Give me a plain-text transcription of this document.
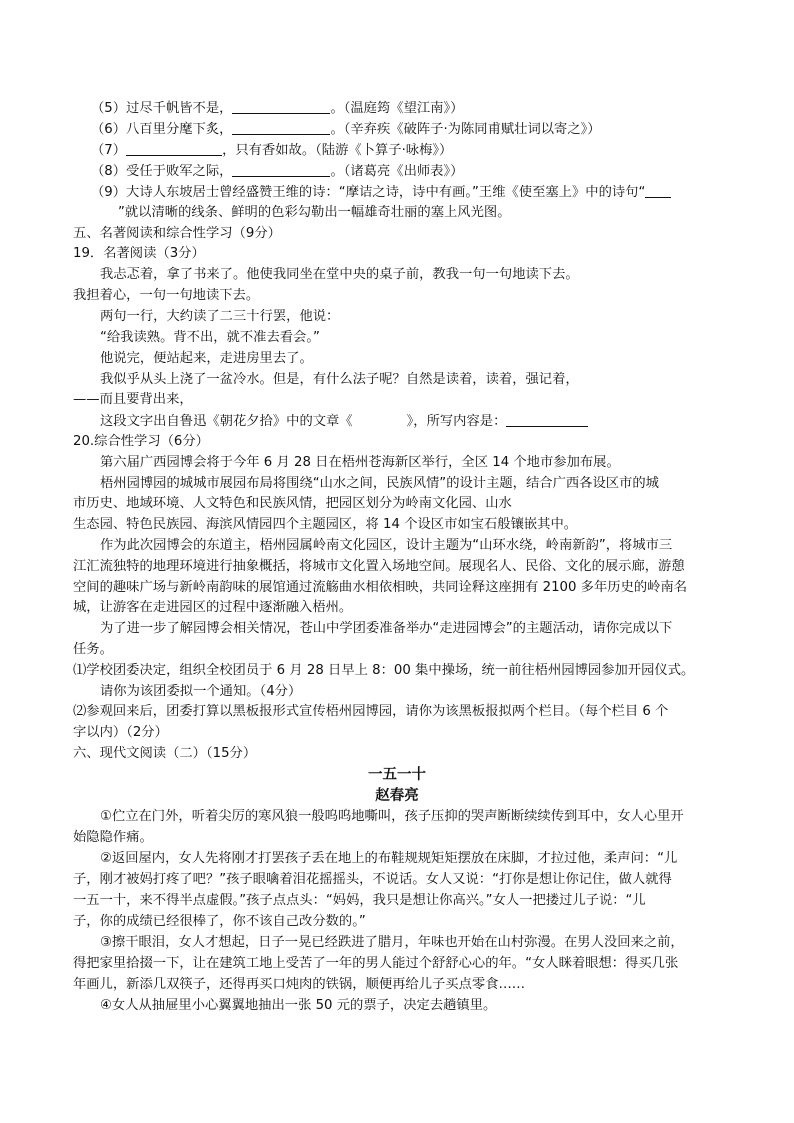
（5）过尽千帆皆不是，	。（温庭筠《望江南》）
（6）八百里分麾下炙，	。（辛弃疾《破阵子·为陈同甫赋壮词以寄之》）
（7）	，只有香如故。（陆游《卜算子·咏梅》）
（8）受任于败军之际，	。（诸葛亮《出师表》）
（9）大诗人东坡居士曾经盛赞王维的诗：“摩诘之诗，诗中有画。”王维《使至塞上》中的诗句“
”就以清晰的线条、鲜明的色彩勾勒出一幅雄奇壮丽的塞上风光图。
五、名著阅读和综合性学习（9分）
19．名著阅读（3分）
我忐忑着，拿了书来了。他使我同坐在堂中央的桌子前，教我一句一句地读下去。
我担着心，一句一句地读下去。
两句一行，大约读了二三十行罢，他说：
“给我读熟。背不出，就不准去看会。”
他说完，便站起来，走进房里去了。
我似乎从头上浇了一盆冷水。但是，有什么法子呢？自然是读着，读着，强记着，
——而且要背出来，
这段文字出自鲁迅《朝花夕拾》中的文章《	》，所写内容是：
20.综合性学习（6分）
第六届广西园博会将于今年 6 月 28 日在梧州苍海新区举行，全区 14 个地市参加布展。
梧州园博园的城城市展园布局将围绕“山水之间，民族风情”的设计主题，结合广西各设区市的城
市历史、地域环境、人文特色和民族风情，把园区划分为岭南文化园、山水
生态园、特色民族园、海滨风情园四个主题园区，将 14 个设区市如宝石般镶嵌其中。
作为此次园博会的东道主，梧州园属岭南文化园区，设计主题为“山环水绕，岭南新韵”，将城市三
江汇流独特的地理环境进行抽象概括，将城市文化置入场地空间。展现名人、民俗、文化的展示廊，游憩
空间的趣味广场与新岭南韵味的展馆通过流觞曲水相依相映，共同诠释这座拥有 2100 多年历史的岭南名
城，让游客在走进园区的过程中逐渐融入梧州。
为了进一步了解园博会相关情况，苍山中学团委准备举办“走进园博会”的主题活动，请你完成以下
任务。
⑴学校团委决定，组织全校团员于 6 月 28 日早上 8：00 集中操场，统一前往梧州园博园参加开园仪式。
请你为该团委拟一个通知。（4分）
⑵参观回来后，团委打算以黑板报形式宣传梧州园博园，请你为该黑板报拟两个栏目。（每个栏目 6 个
字以内）（2分）
六、现代文阅读（二）（15分）
一五一十
赵春亮
①伫立在门外，听着尖厉的寒风狼一般呜呜地嘶叫，孩子压抑的哭声断断续续传到耳中，女人心里开
始隐隐作痛。
②返回屋内，女人先将刚才打罢孩子丢在地上的布鞋规规矩矩摆放在床脚，才拉过他，柔声问：“儿
子，刚才被妈打疼了吧？”孩子眼噙着泪花摇摇头，不说话。女人又说：“打你是想让你记住，做人就得
一五一十，来不得半点虚假。”孩子点点头：“妈妈，我只是想让你高兴。”女人一把搂过儿子说：“儿
子，你的成绩已经很棒了，你不该自己改分数的。”
③擦干眼泪，女人才想起，日子一晃已经跌进了腊月，年味也开始在山村弥漫。在男人没回来之前，
得把家里拾掇一下，让在建筑工地上受苦了一年的男人能过个舒舒心心的年。“女人眯着眼想：得买几张
年画儿，新添几双筷子，还得再买口炖肉的铁锅，顺便再给儿子买点零食……
④女人从抽屉里小心翼翼地抽出一张 50 元的票子，决定去趟镇里。
